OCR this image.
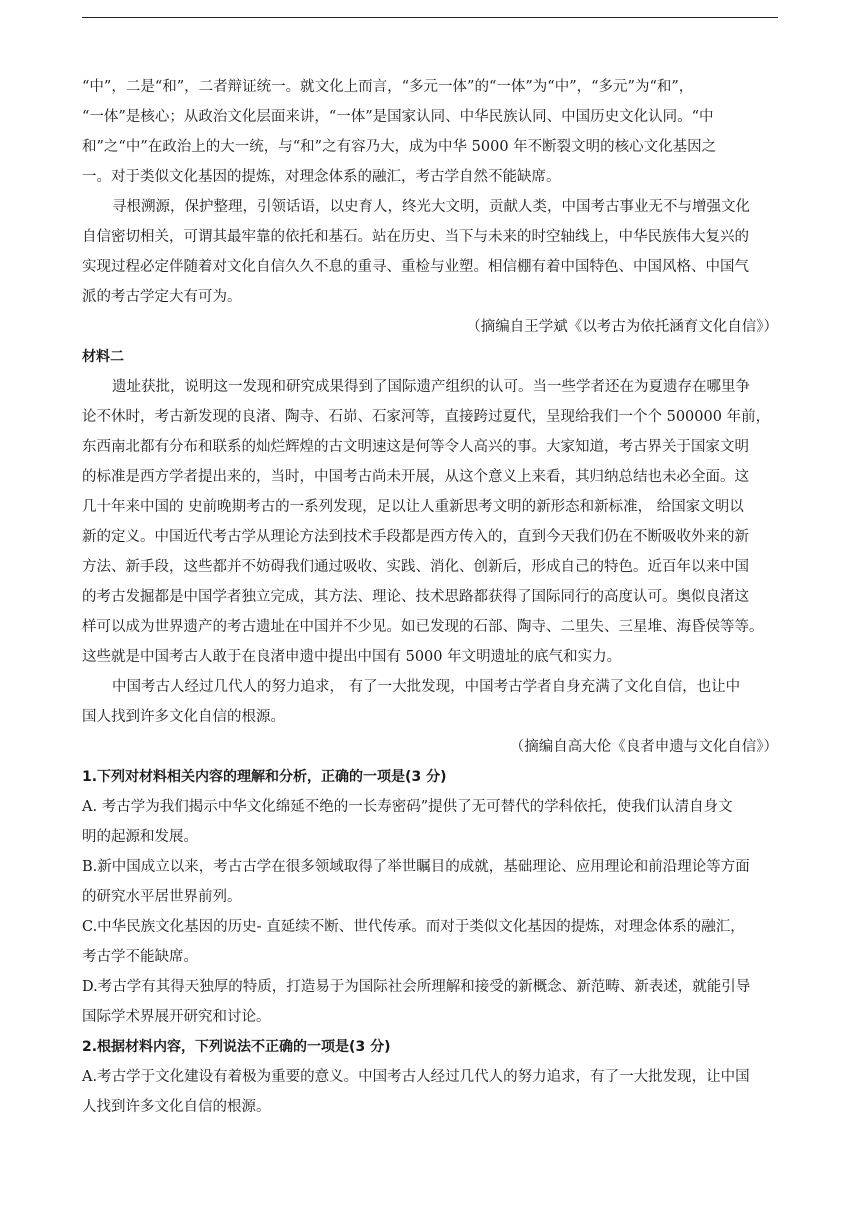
“中”，二是“和”，二者辩证统一。就文化上而言，“多元一体”的“一体”为“中”，“多元”为“和”，
“一体”是核心；从政治文化层面来讲，“一体”是国家认同、中华民族认同、中国历史文化认同。“中
和”之“中”在政治上的大一统，与“和”之有容乃大，成为中华 5000 年不断裂文明的核心文化基因之
一。对于类似文化基因的提炼，对理念体系的融汇，考古学自然不能缺席。
寻根溯源，保护整理，引领话语，以史育人，终光大文明，贡献人类，中国考古事业无不与增强文化
自信密切相关，可谓其最牢靠的依托和基石。站在历史、当下与未来的时空轴线上，中华民族伟大复兴的
实现过程必定伴随着对文化自信久久不息的重寻、重检与业塑。相信棚有着中国特色、中国风格、中国气
派的考古学定大有可为。
（摘编自王学斌《以考古为依托涵育文化自信》）
材料二
遗址获批，说明这一发现和研究成果得到了国际遗产组织的认可。当一些学者还在为夏遗存在哪里争
论不休时，考古新发现的良渚、陶寺、石峁、石家河等，直接跨过夏代，呈现给我们一个个 500000 年前，
东西南北都有分布和联系的灿烂辉煌的古文明速这是何等令人高兴的事。大家知道，考古界关于国家文明
的标准是西方学者提出来的，当时，中国考古尚未开展，从这个意义上来看，其归纳总结也未必全面。这
几十年来中国的 史前晚期考古的一系列发现，足以让人重新思考文明的新形态和新标准， 给国家文明以
新的定义。中国近代考古学从理论方法到技术手段都是西方传入的，直到今天我们仍在不断吸收外来的新
方法、新手段，这些都并不妨碍我们通过吸收、实践、消化、创新后，形成自己的特色。近百年以来中国
的考古发掘都是中国学者独立完成，其方法、理论、技术思路都获得了国际同行的高度认可。奥似良渚这
样可以成为世界遗产的考古遗址在中国并不少见。如已发现的石部、陶寺、二里失、三星堆、海昏侯等等。
这些就是中国考古人敢于在良渚申遗中提出中国有 5000 年文明遗址的底气和实力。
中国考古人经过几代人的努力追求， 有了一大批发现，中国考古学者自身充满了文化自信，也让中
国人找到许多文化自信的根源。
（摘编自高大伦《良者申遗与文化自信》）
1.下列对材料相关内容的理解和分析，正确的一项是(3 分)
A. 考古学为我们揭示中华文化绵延不绝的一长寿密码”提供了无可替代的学科依托，使我们认清自身文
明的起源和发展。
B.新中国成立以来，考古古学在很多领域取得了举世瞩目的成就，基础理论、应用理论和前沿理论等方面
的研究水平居世界前列。
C.中华民族文化基因的历史- 直延续不断、世代传承。而对于类似文化基因的提炼，对理念体系的融汇，
考古学不能缺席。
D.考古学有其得天独厚的特质，打造易于为国际社会所理解和接受的新概念、新范畴、新表述，就能引导
国际学术界展开研究和讨论。
2.根据材料内容，下列说法不正确的一项是(3 分)
A.考古学于文化建设有着极为重要的意义。中国考古人经过几代人的努力追求，有了一大批发现，让中国
人找到许多文化自信的根源。
